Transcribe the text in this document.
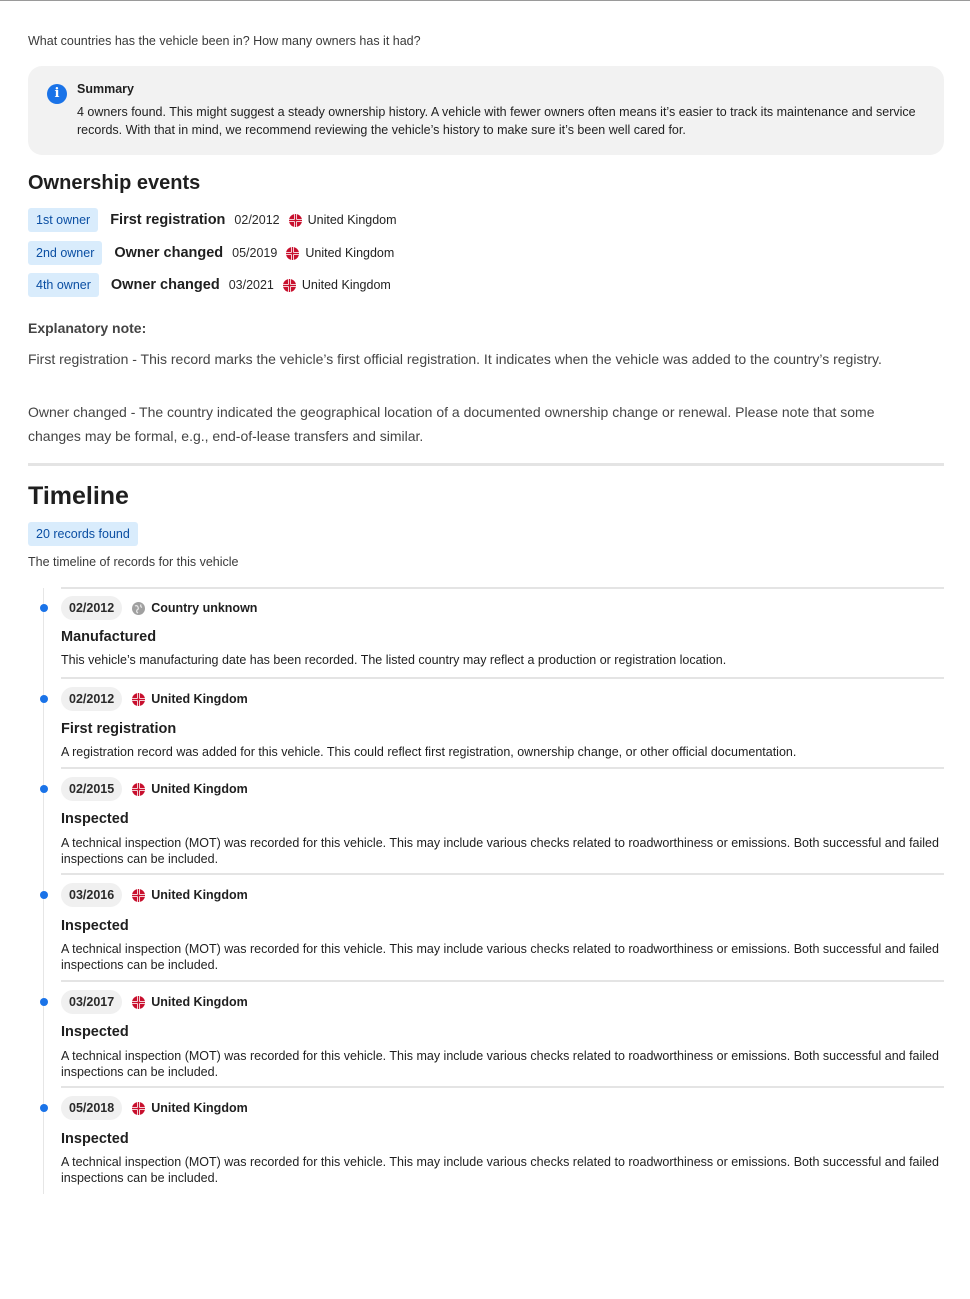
What countries has the vehicle been in? How many owners has it had?
i	Summary
4 owners found. This might suggest a steady ownership history. A vehicle with fewer owners often means it’s easier to track its maintenance and service records. With that in mind, we recommend reviewing the vehicle’s history to make sure it’s been well cared for.
Ownership events
1st owner	First registration 02/2012 United Kingdom
2nd owner	Owner changed 05/2019 United Kingdom
4th owner	Owner changed 03/2021 United Kingdom
Explanatory note:
First registration - This record marks the vehicle’s first official registration. It indicates when the vehicle was added to the country’s registry.
Owner changed - The country indicated the geographical location of a documented ownership change or renewal. Please note that some changes may be formal, e.g., end-of-lease transfers and similar.
Timeline
20 records found
The timeline of records for this vehicle
02/2012	Country unknown
Manufactured
This vehicle’s manufacturing date has been recorded. The listed country may reflect a production or registration location.
02/2012	United Kingdom
First registration
A registration record was added for this vehicle. This could reflect first registration, ownership change, or other official documentation.
02/2015	United Kingdom
Inspected
A technical inspection (MOT) was recorded for this vehicle. This may include various checks related to roadworthiness or emissions. Both successful and failed inspections can be included.
03/2016	United Kingdom
Inspected
A technical inspection (MOT) was recorded for this vehicle. This may include various checks related to roadworthiness or emissions. Both successful and failed inspections can be included.
03/2017	United Kingdom
Inspected
A technical inspection (MOT) was recorded for this vehicle. This may include various checks related to roadworthiness or emissions. Both successful and failed inspections can be included.
05/2018	United Kingdom
Inspected
A technical inspection (MOT) was recorded for this vehicle. This may include various checks related to roadworthiness or emissions. Both successful and failed inspections can be included.
